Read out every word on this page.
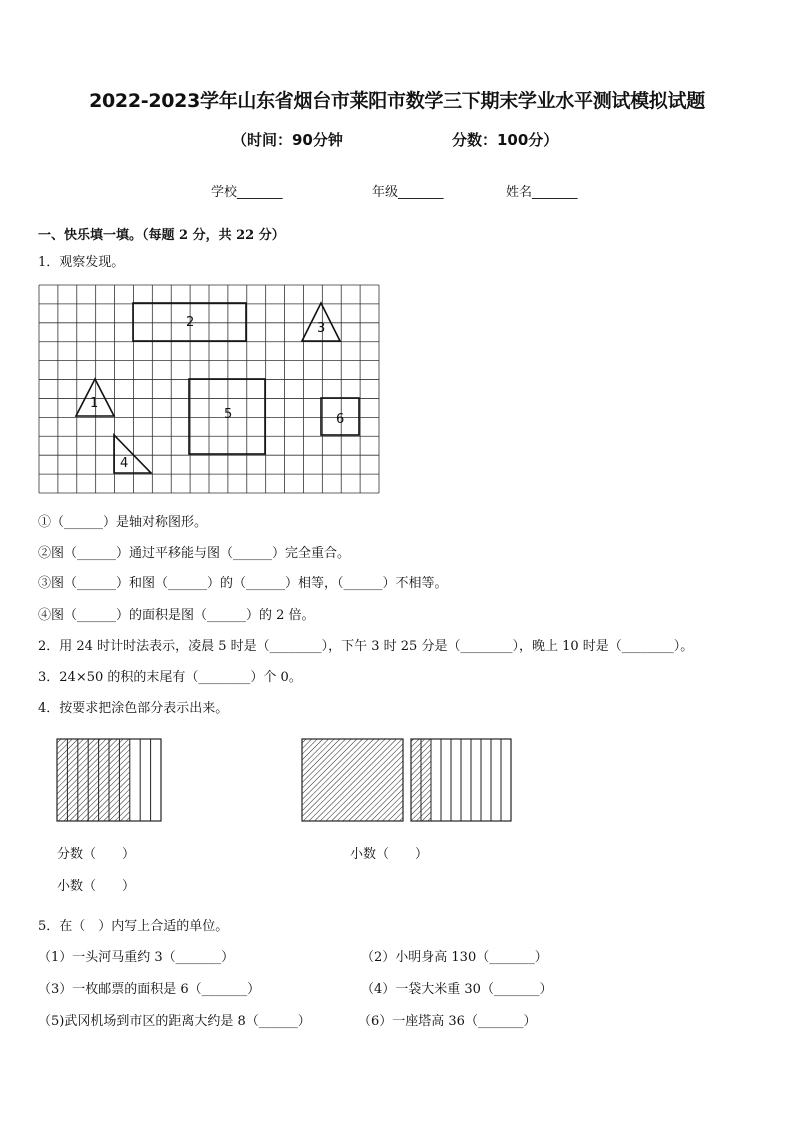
2022-2023学年山东省烟台市莱阳市数学三下期末学业水平测试模拟试题
（时间：90分钟	分数：100分）
学校_______	年级_______	姓名_______
一、快乐填一填。（每题 2 分，共 22 分）
1．观察发现。
2	3
1
4
5	6
①（______）是轴对称图形。
②图（______）通过平移能与图（______）完全重合。
③图（______）和图（______）的（______）相等，（______）不相等。
④图（______）的面积是图（______）的 2 倍。
2．用 24 时计时法表示，凌晨 5 时是（________），下午 3 时 25 分是（________），晚上 10 时是（________）。
3．24×50 的积的末尾有（________）个 0。
4．按要求把涂色部分表示出来。
分数（　　）	小数（　　）
小数（　　）
5．在（　）内写上合适的单位。
（1）一头河马重约 3（_______）	（2）小明身高 130（_______）
（3）一枚邮票的面积是 6（_______）	（4）一袋大米重 30（_______）
（5)武冈机场到市区的距离大约是 8（______）	（6）一座塔高 36（_______）
